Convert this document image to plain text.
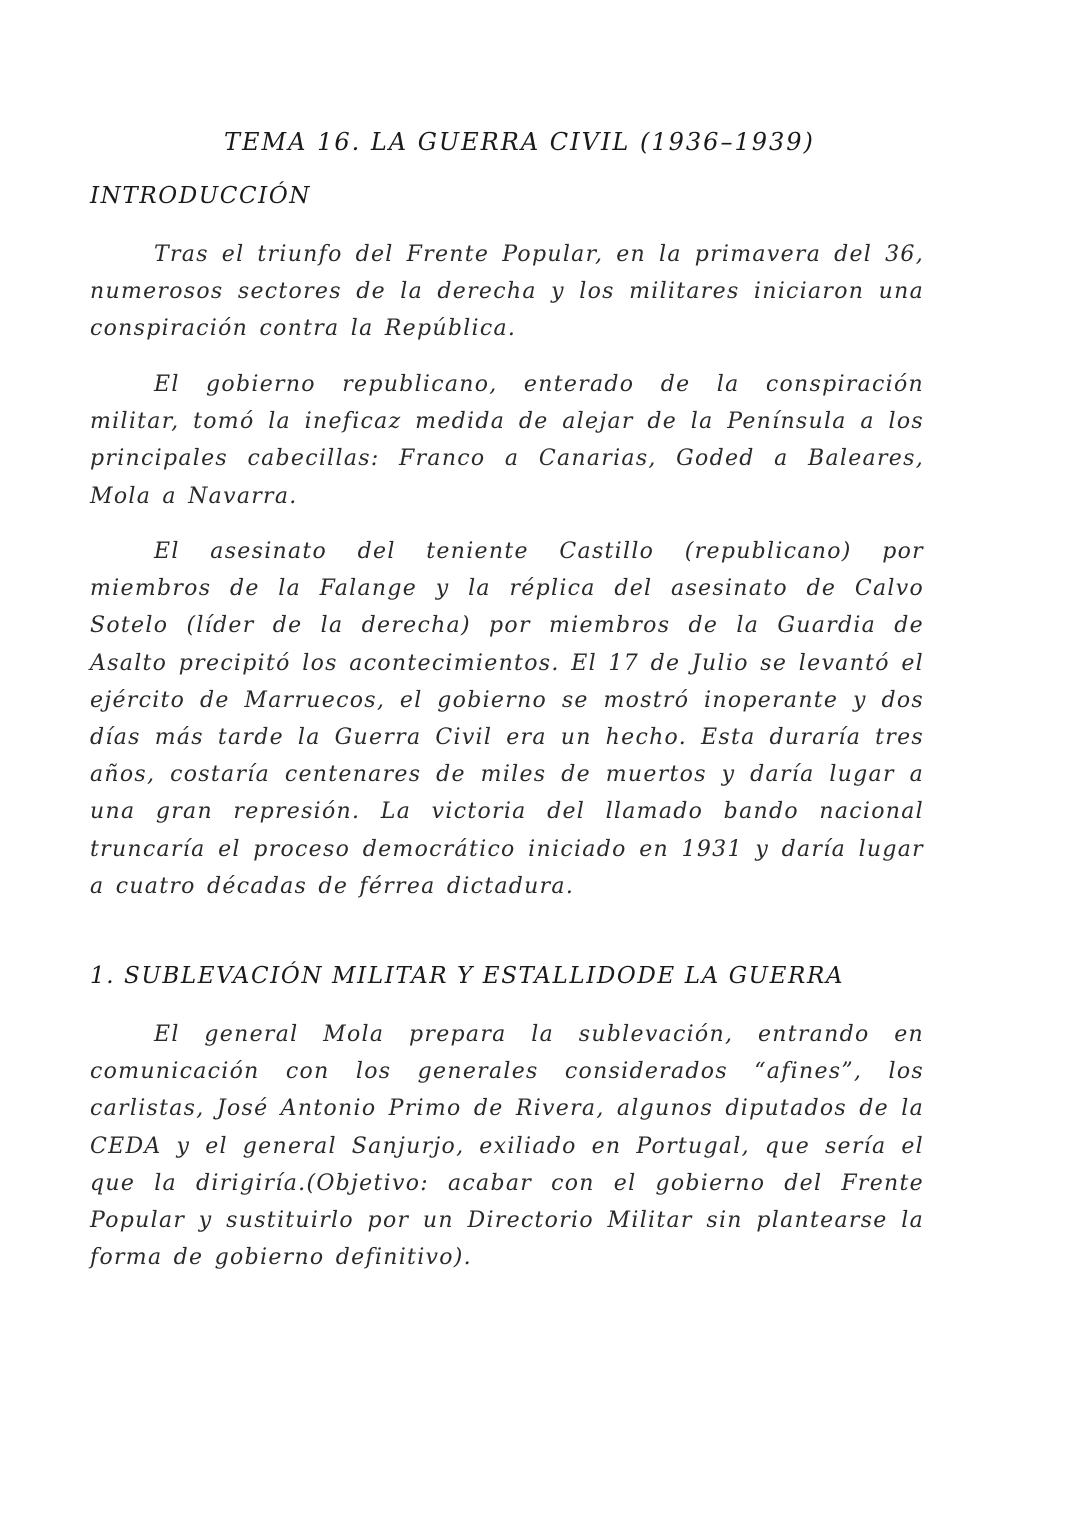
TEMA 16. LA GUERRA CIVIL (1936–1939)
INTRODUCCIÓN

Tras el triunfo del Frente Popular, en la primavera del 36, numerosos sectores de la derecha y los militares iniciaron una conspiración contra la República.

El gobierno republicano, enterado de la conspiración militar, tomó la ineficaz medida de alejar de la Península a los principales cabecillas: Franco a Canarias, Goded a Baleares, Mola a Navarra.

El asesinato del teniente Castillo (republicano) por miembros de la Falange y la réplica del asesinato de Calvo Sotelo (líder de la derecha) por miembros de la Guardia de Asalto precipitó los acontecimientos. El 17 de Julio se levantó el ejército de Marruecos, el gobierno se mostró inoperante y dos días más tarde la Guerra Civil era un hecho. Esta duraría tres años, costaría centenares de miles de muertos y daría lugar a una gran represión. La victoria del llamado bando nacional truncaría el proceso democrático iniciado en 1931 y daría lugar a cuatro décadas de férrea dictadura.

1. SUBLEVACIÓN MILITAR Y ESTALLIDODE LA GUERRA

El general Mola prepara la sublevación, entrando en comunicación con los generales considerados “afines”, los carlistas, José Antonio Primo de Rivera, algunos diputados de la CEDA y el general Sanjurjo, exiliado en Portugal, que sería el que la dirigiría.(Objetivo: acabar con el gobierno del Frente Popular y sustituirlo por un Directorio Militar sin plantearse la forma de gobierno definitivo).
